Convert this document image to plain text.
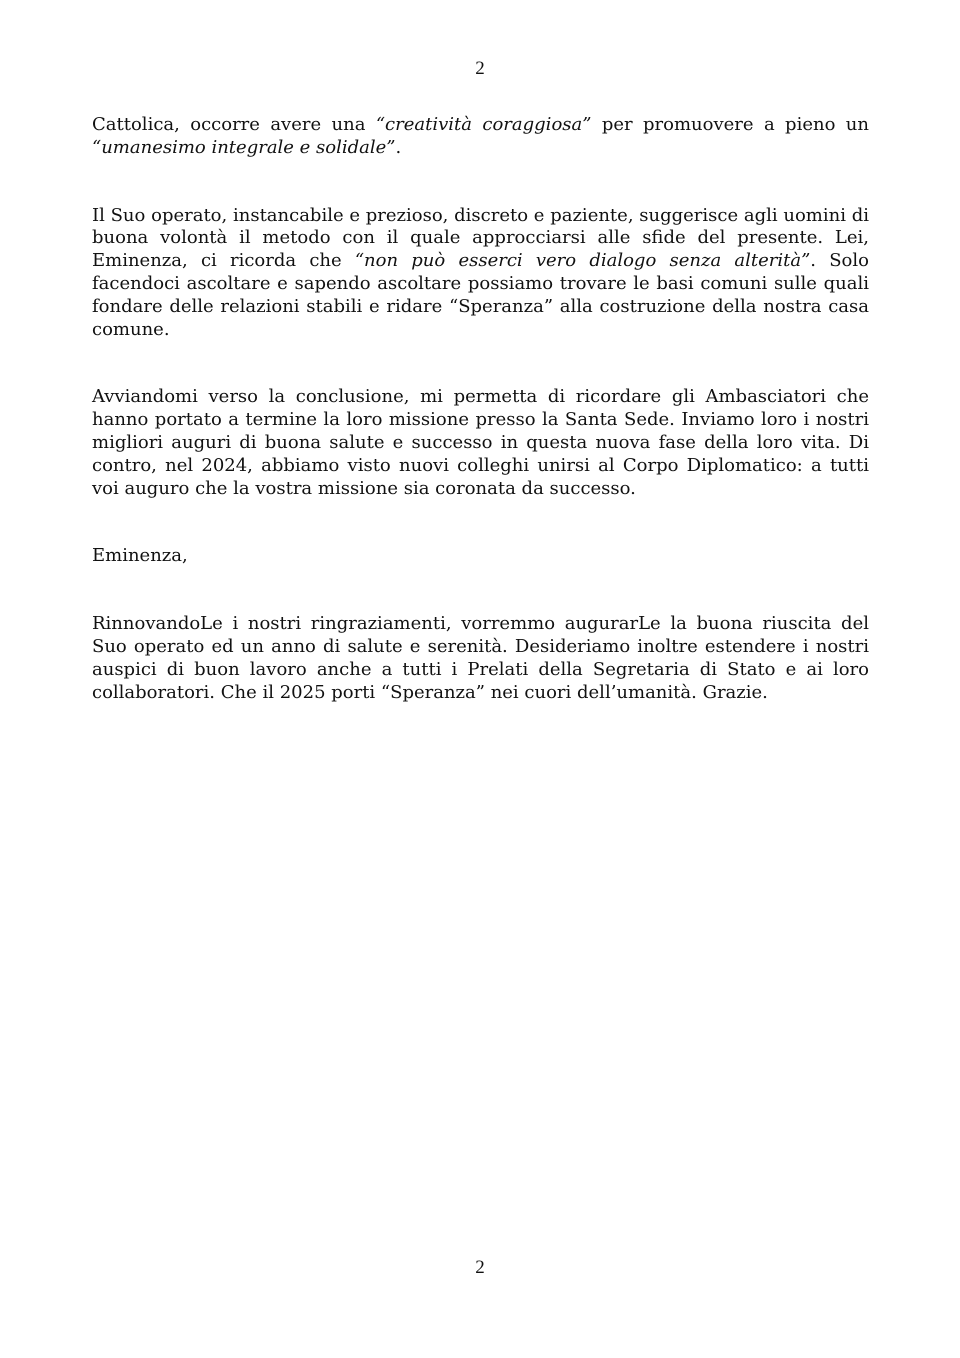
2

Cattolica, occorre avere una “creatività coraggiosa” per promuovere a pieno un “umanesimo integrale e solidale”.

Il Suo operato, instancabile e prezioso, discreto e paziente, suggerisce agli uomini di buona volontà il metodo con il quale approcciarsi alle sfide del presente. Lei, Eminenza, ci ricorda che “non può esserci vero dialogo senza alterità”. Solo facendoci ascoltare e sapendo ascoltare possiamo trovare le basi comuni sulle quali fondare delle relazioni stabili e ridare “Speranza” alla costruzione della nostra casa comune.

Avviandomi verso la conclusione, mi permetta di ricordare gli Ambasciatori che hanno portato a termine la loro missione presso la Santa Sede. Inviamo loro i nostri migliori auguri di buona salute e successo in questa nuova fase della loro vita. Di contro, nel 2024, abbiamo visto nuovi colleghi unirsi al Corpo Diplomatico: a tutti voi auguro che la vostra missione sia coronata da successo.

Eminenza,

RinnovandoLe i nostri ringraziamenti, vorremmo augurarLe la buona riuscita del Suo operato ed un anno di salute e serenità. Desideriamo inoltre estendere i nostri auspici di buon lavoro anche a tutti i Prelati della Segretaria di Stato e ai loro collaboratori. Che il 2025 porti “Speranza” nei cuori dell’umanità. Grazie.

2
